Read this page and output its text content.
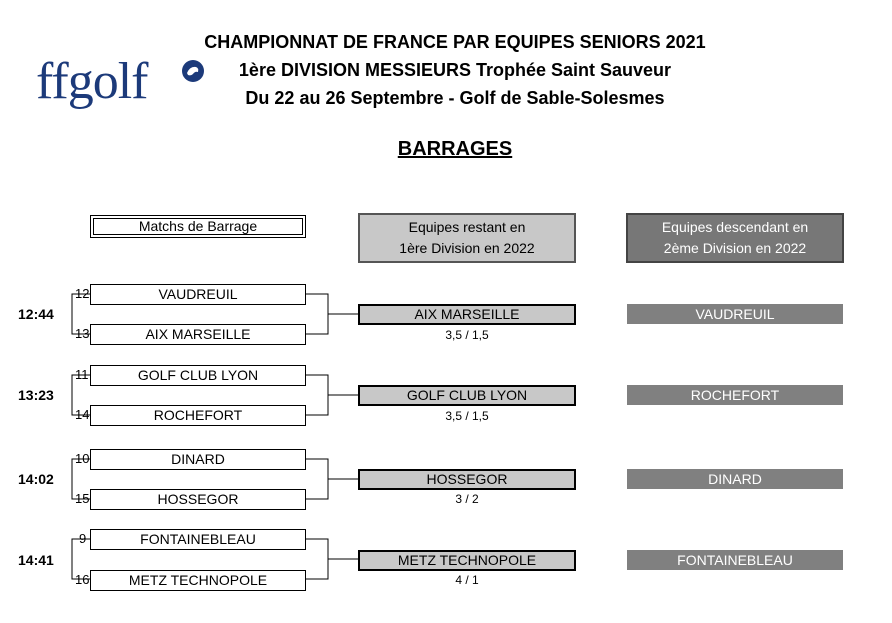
ffgolf
CHAMPIONNAT DE FRANCE PAR EQUIPES SENIORS 2021
1ère DIVISION MESSIEURS Trophée Saint Sauveur
Du 22 au 26 Septembre - Golf de Sable-Solesmes
BARRAGES
Matchs de Barrage	Equipes restant en
1ère Division en 2022
Equipes descendant en
2ème Division en 2022
12:44
12	VAUDREUIL
13	AIX MARSEILLE
AIX MARSEILLE
3,5 / 1,5
VAUDREUIL
13:23
11	GOLF CLUB LYON
14	ROCHEFORT
GOLF CLUB LYON
3,5 / 1,5
ROCHEFORT
14:02
10	DINARD
15	HOSSEGOR
HOSSEGOR
3 / 2
DINARD
14:41
9	FONTAINEBLEAU
16	METZ TECHNOPOLE
METZ TECHNOPOLE
4 / 1
FONTAINEBLEAU
